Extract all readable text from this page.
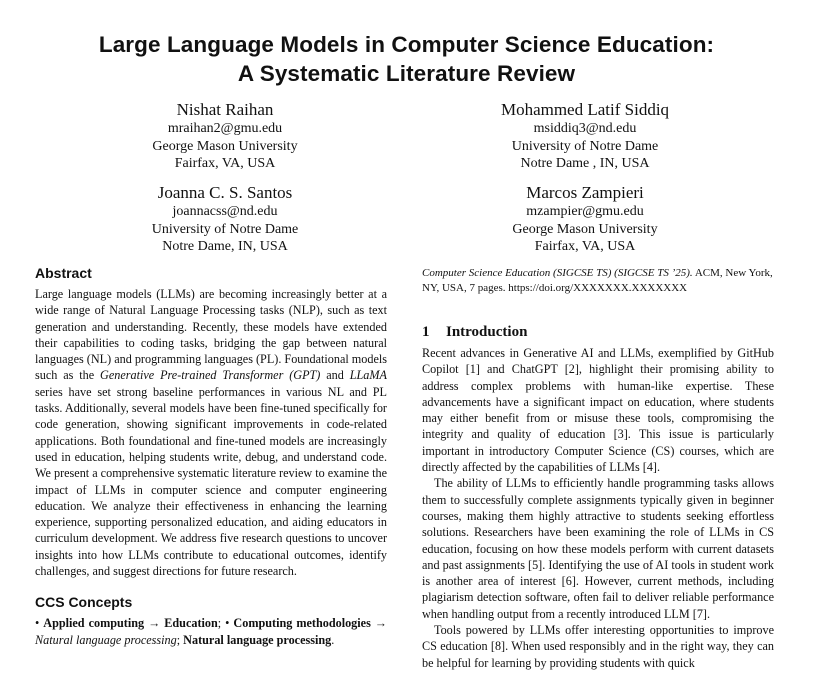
Large Language Models in Computer Science Education:
A Systematic Literature Review
Nishat Raihan
mraihan2@gmu.edu
George Mason University
Fairfax, VA, USA
Mohammed Latif Siddiq
msiddiq3@nd.edu
University of Notre Dame
Notre Dame , IN, USA
Joanna C. S. Santos
joannacss@nd.edu
University of Notre Dame
Notre Dame, IN, USA
Marcos Zampieri
mzampier@gmu.edu
George Mason University
Fairfax, VA, USA
Abstract

Large language models (LLMs) are becoming increasingly better at a wide range of Natural Language Processing tasks (NLP), such as text generation and understanding. Recently, these models have extended their capabilities to coding tasks, bridging the gap between natural languages (NL) and programming languages (PL). Foundational models such as the Generative Pre-trained Transformer (GPT) and LLaMA series have set strong baseline performances in various NL and PL tasks. Additionally, several models have been fine-tuned specifically for code generation, showing significant improvements in code-related applications. Both foundational and fine-tuned models are increasingly used in education, helping students write, debug, and understand code. We present a comprehensive systematic literature review to examine the impact of LLMs in computer science and computer engineering education. We analyze their effectiveness in enhancing the learning experience, supporting personalized education, and aiding educators in curriculum development. We address five research questions to uncover insights into how LLMs contribute to educational outcomes, identify challenges, and suggest directions for future research.

CCS Concepts

• Applied computing → Education; • Computing methodologies → Natural language processing; Natural language processing.

Computer Science Education (SIGCSE TS) (SIGCSE TS ’25). ACM, New York, NY, USA, 7 pages. https://doi.org/XXXXXXX.XXXXXXX

1 Introduction

Recent advances in Generative AI and LLMs, exemplified by GitHub Copilot [1] and ChatGPT [2], highlight their promising ability to address complex problems with human-like expertise. These advancements have a significant impact on education, where students may either benefit from or misuse these tools, compromising the integrity and quality of education [3]. This issue is particularly important in introductory Computer Science (CS) courses, which are directly affected by the capabilities of LLMs [4].

The ability of LLMs to efficiently handle programming tasks allows them to successfully complete assignments typically given in beginner courses, making them highly attractive to students seeking effortless solutions. Researchers have been examining the role of LLMs in CS education, focusing on how these models perform with current datasets and past assignments [5]. Identifying the use of AI tools in student work is another area of interest [6]. However, current methods, including plagiarism detection software, often fail to deliver reliable performance when handling output from a recently introduced LLM [7].

Tools powered by LLMs offer interesting opportunities to improve CS education [8]. When used responsibly and in the right way, they can be helpful for learning by providing students with quick
